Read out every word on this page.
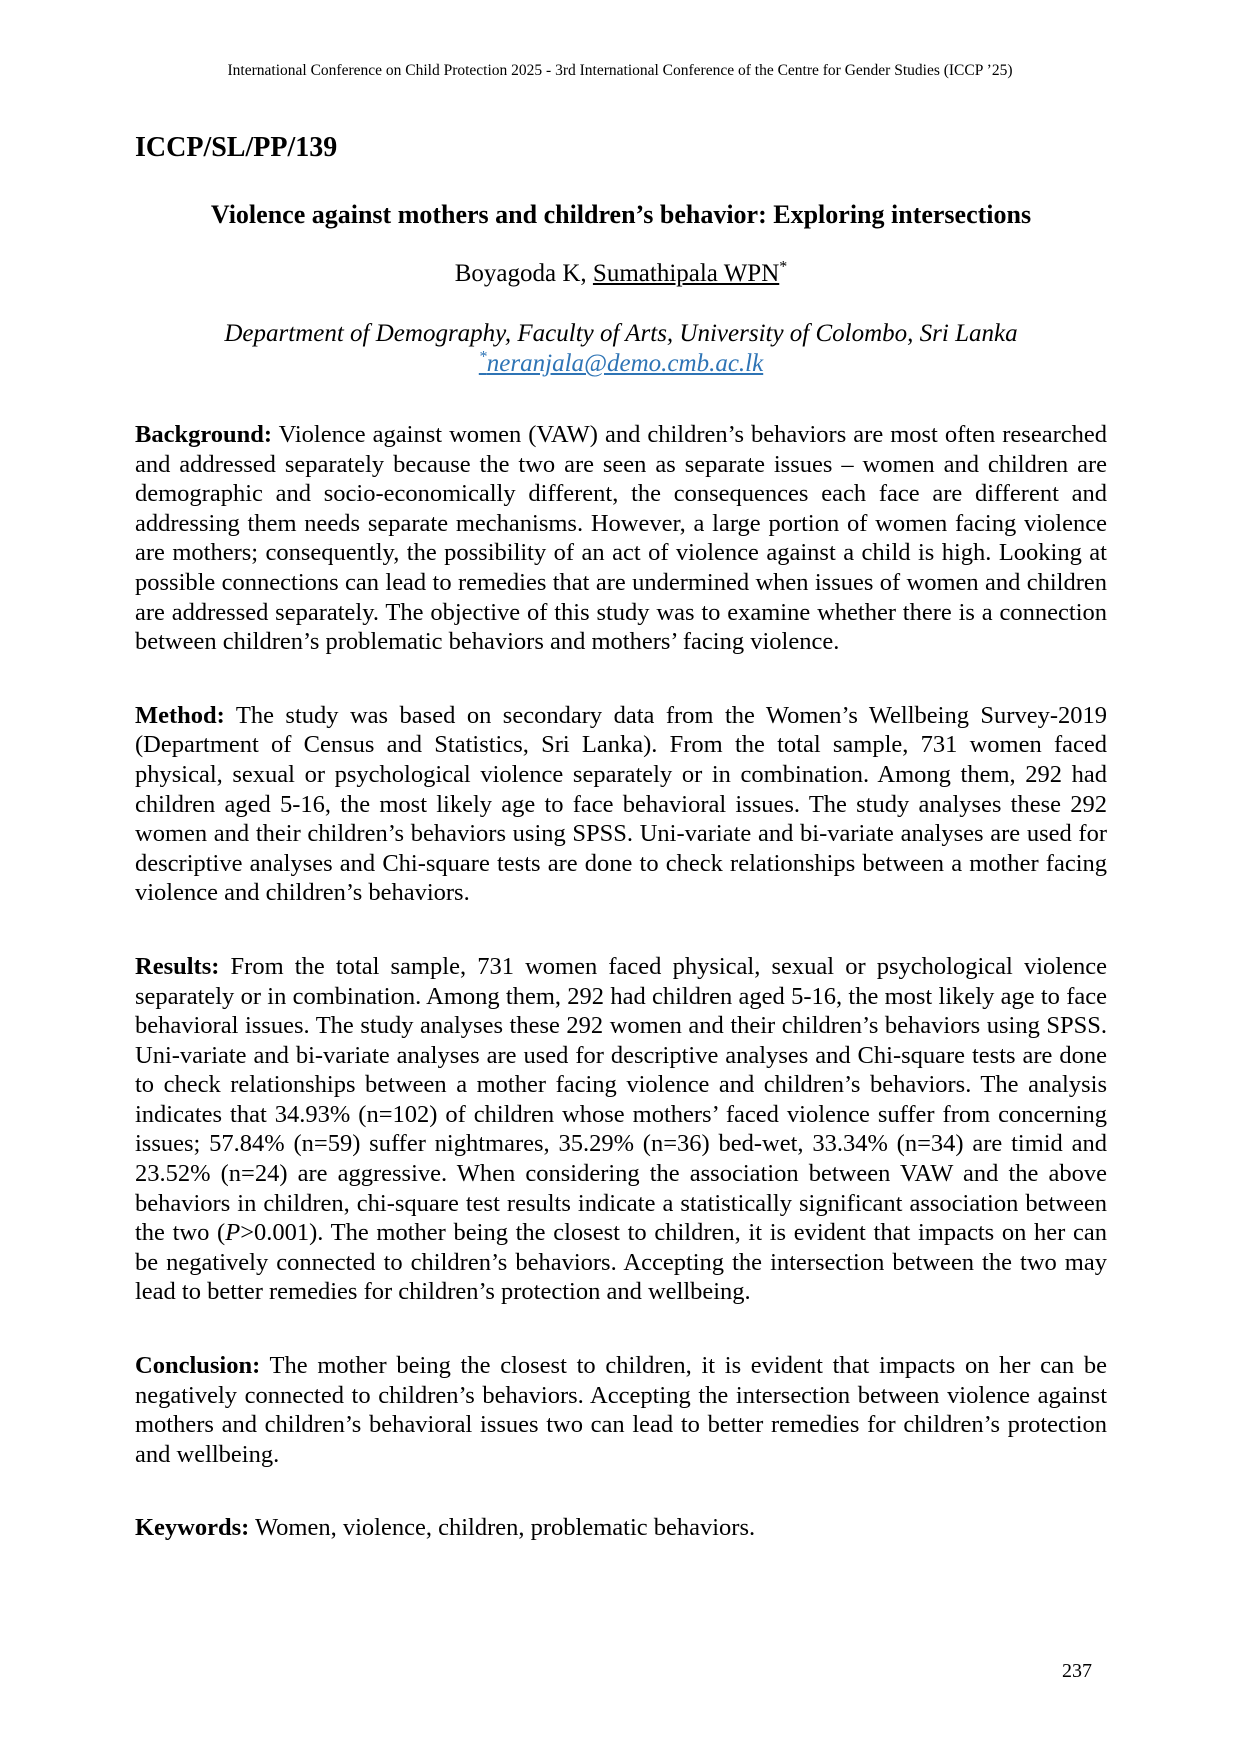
International Conference on Child Protection 2025 - 3rd International Conference of the Centre for Gender Studies (ICCP ’25)
ICCP/SL/PP/139
Violence against mothers and children’s behavior: Exploring intersections
Boyagoda K, Sumathipala WPN*
Department of Demography, Faculty of Arts, University of Colombo, Sri Lanka
*neranjala@demo.cmb.ac.lk

Background: Violence against women (VAW) and children’s behaviors are most often researched and addressed separately because the two are seen as separate issues – women and children are demographic and socio-economically different, the consequences each face are different and addressing them needs separate mechanisms. However, a large portion of women facing violence are mothers; consequently, the possibility of an act of violence against a child is high. Looking at possible connections can lead to remedies that are undermined when issues of women and children are addressed separately. The objective of this study was to examine whether there is a connection between children’s problematic behaviors and mothers’ facing violence.

Method: The study was based on secondary data from the Women’s Wellbeing Survey-2019 (Department of Census and Statistics, Sri Lanka). From the total sample, 731 women faced physical, sexual or psychological violence separately or in combination. Among them, 292 had children aged 5-16, the most likely age to face behavioral issues. The study analyses these 292 women and their children’s behaviors using SPSS. Uni-variate and bi-variate analyses are used for descriptive analyses and Chi-square tests are done to check relationships between a mother facing violence and children’s behaviors.

Results: From the total sample, 731 women faced physical, sexual or psychological violence separately or in combination. Among them, 292 had children aged 5-16, the most likely age to face behavioral issues. The study analyses these 292 women and their children’s behaviors using SPSS. Uni-variate and bi-variate analyses are used for descriptive analyses and Chi-square tests are done to check relationships between a mother facing violence and children’s behaviors. The analysis indicates that 34.93% (n=102) of children whose mothers’ faced violence suffer from concerning issues; 57.84% (n=59) suffer nightmares, 35.29% (n=36) bed-wet, 33.34% (n=34) are timid and 23.52% (n=24) are aggressive. When considering the association between VAW and the above behaviors in children, chi-square test results indicate a statistically significant association between the two (P>0.001). The mother being the closest to children, it is evident that impacts on her can be negatively connected to children’s behaviors. Accepting the intersection between the two may lead to better remedies for children’s protection and wellbeing.

Conclusion: The mother being the closest to children, it is evident that impacts on her can be negatively connected to children’s behaviors. Accepting the intersection between violence against mothers and children’s behavioral issues two can lead to better remedies for children’s protection and wellbeing.

Keywords: Women, violence, children, problematic behaviors.

237
